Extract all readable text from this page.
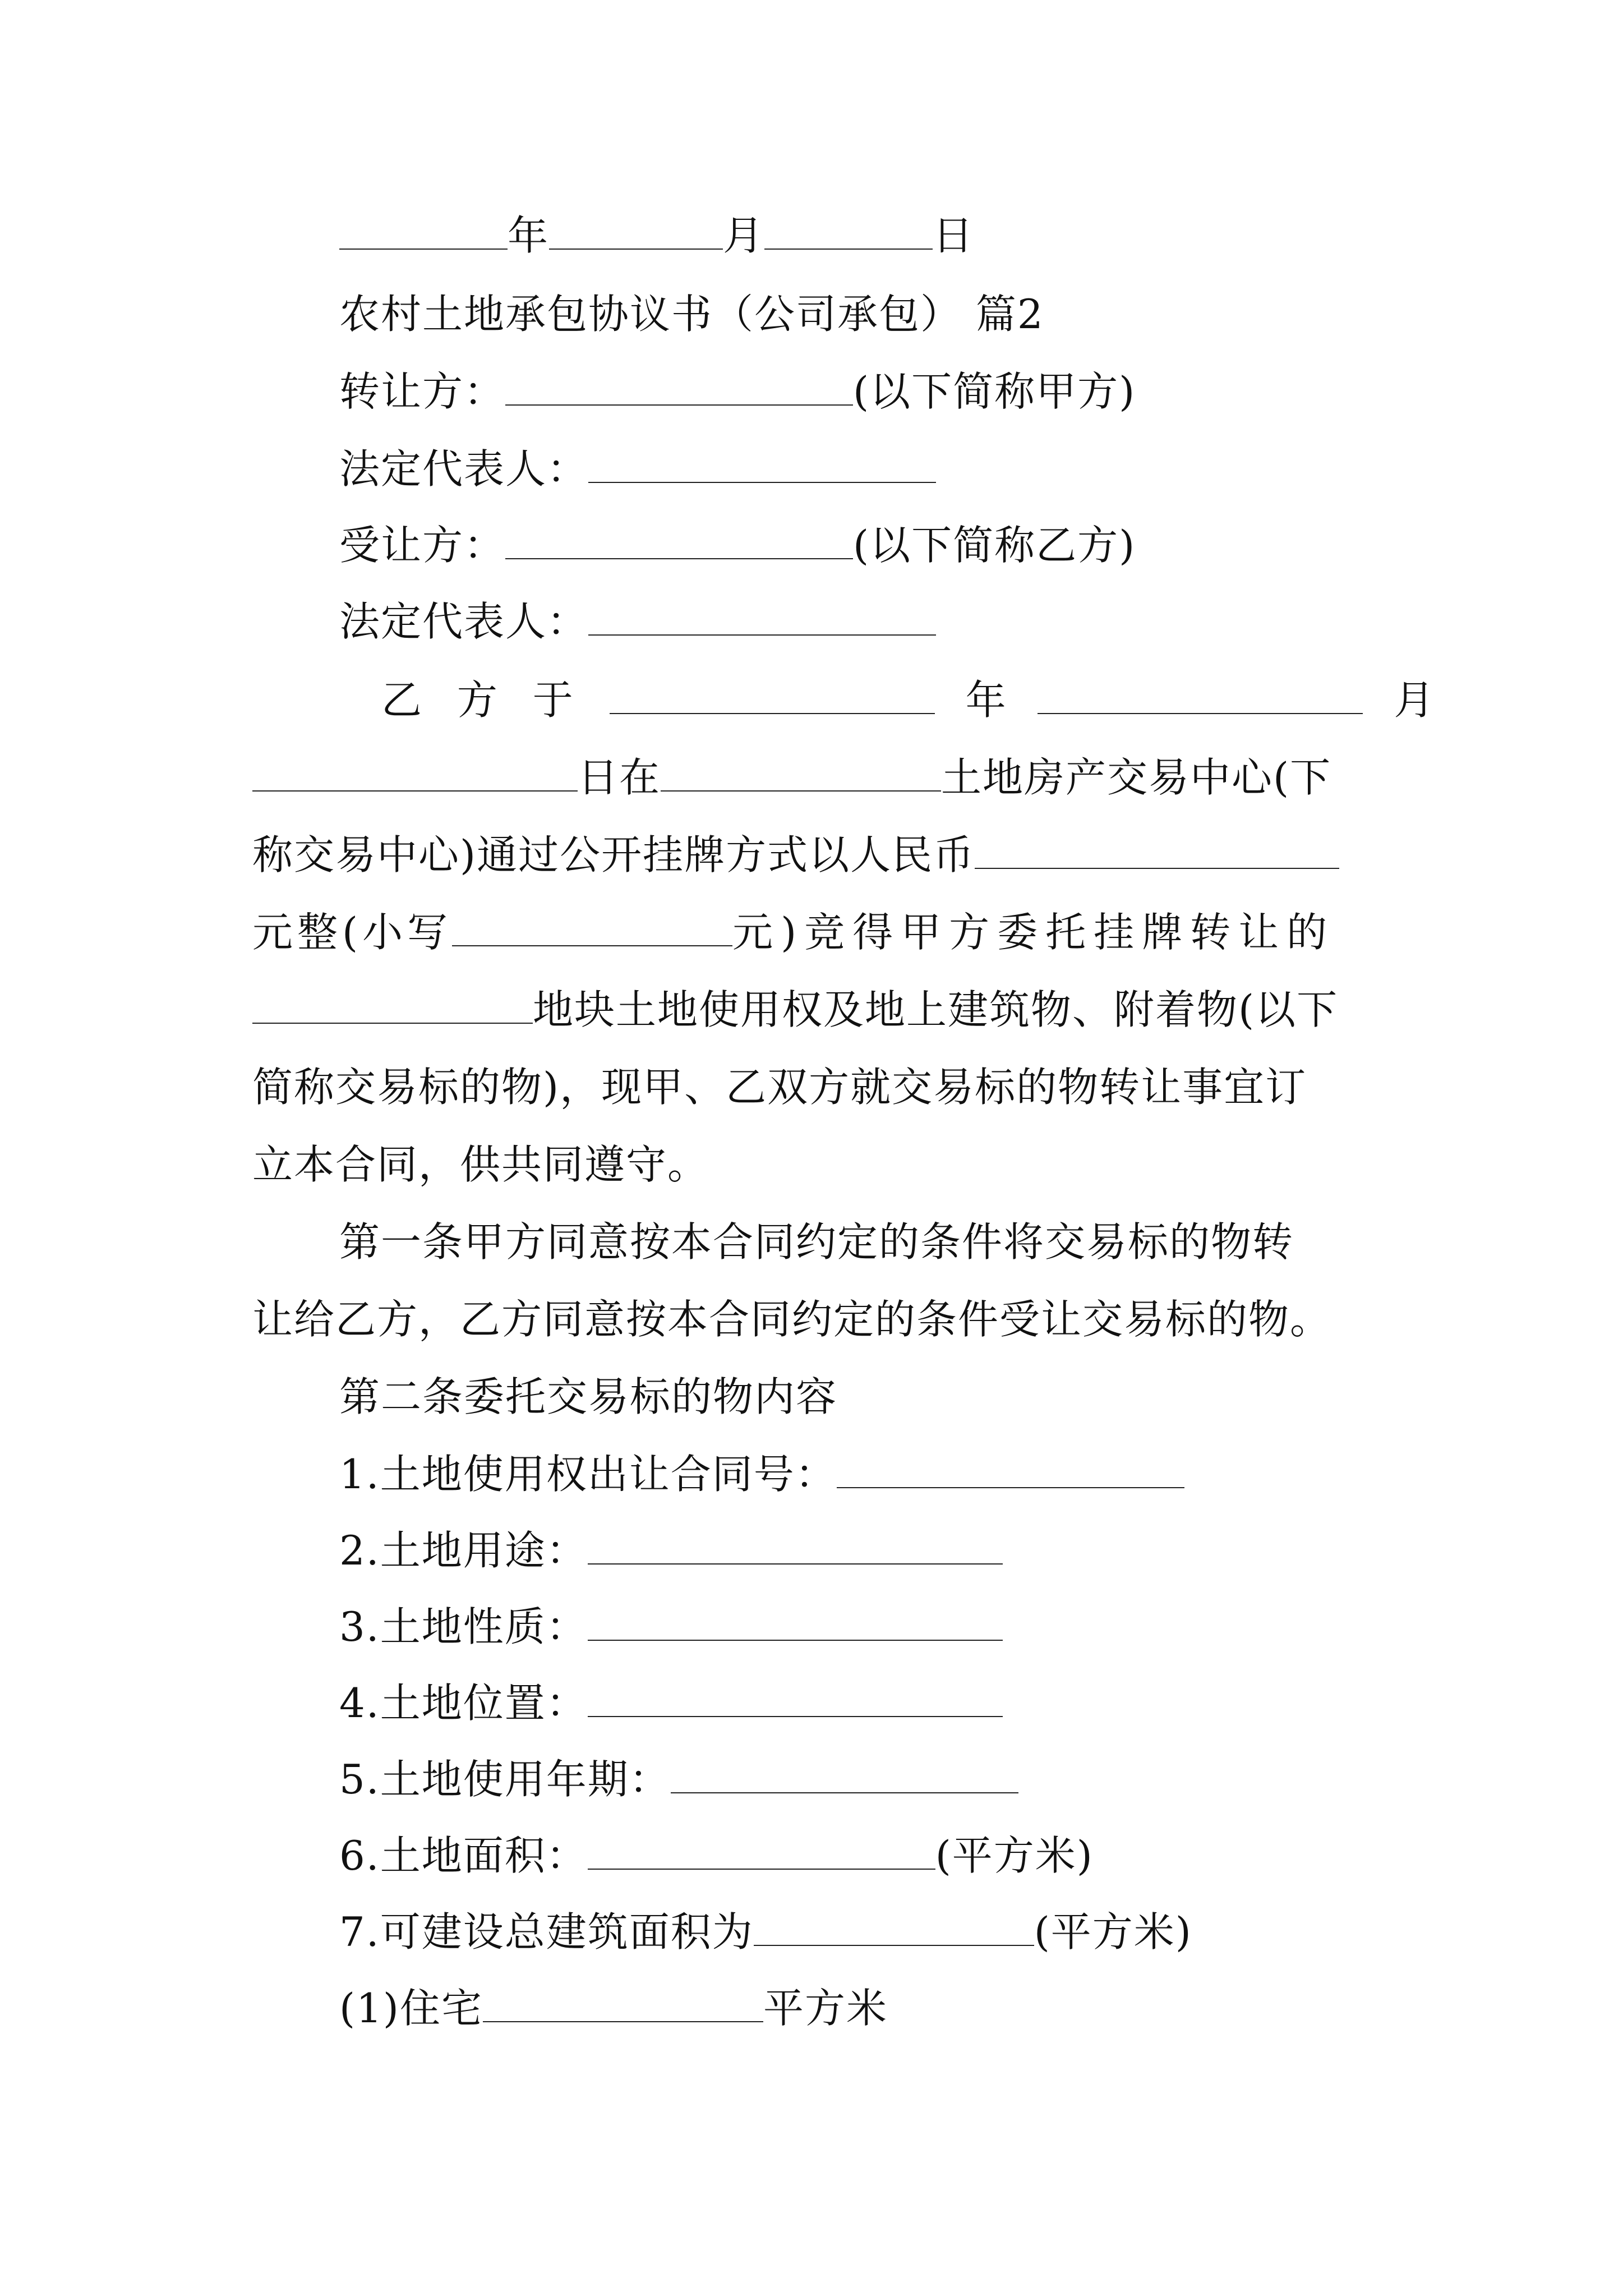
年	月	日
农村土地承包协议书（公司承包） 篇2
转让方：	(以下简称甲方)
法定代表人：
受让方：	(以下简称乙方)
法定代表人：
乙 方 于	年	月
日在	土地房产交易中心(下
称交易中心)通过公开挂牌方式以人民币
元整(小写	元)竞得甲方委托挂牌转让的
地块土地使用权及地上建筑物、附着物(以下
简称交易标的物)，现甲、乙双方就交易标的物转让事宜订
立本合同，供共同遵守。
第一条甲方同意按本合同约定的条件将交易标的物转
让给乙方，乙方同意按本合同约定的条件受让交易标的物。
第二条委托交易标的物内容
1.土地使用权出让合同号：
2.土地用途：
3.土地性质：
4.土地位置：
5.土地使用年期：
6.土地面积：	(平方米)
7.可建设总建筑面积为	(平方米)
(1)住宅	平方米
